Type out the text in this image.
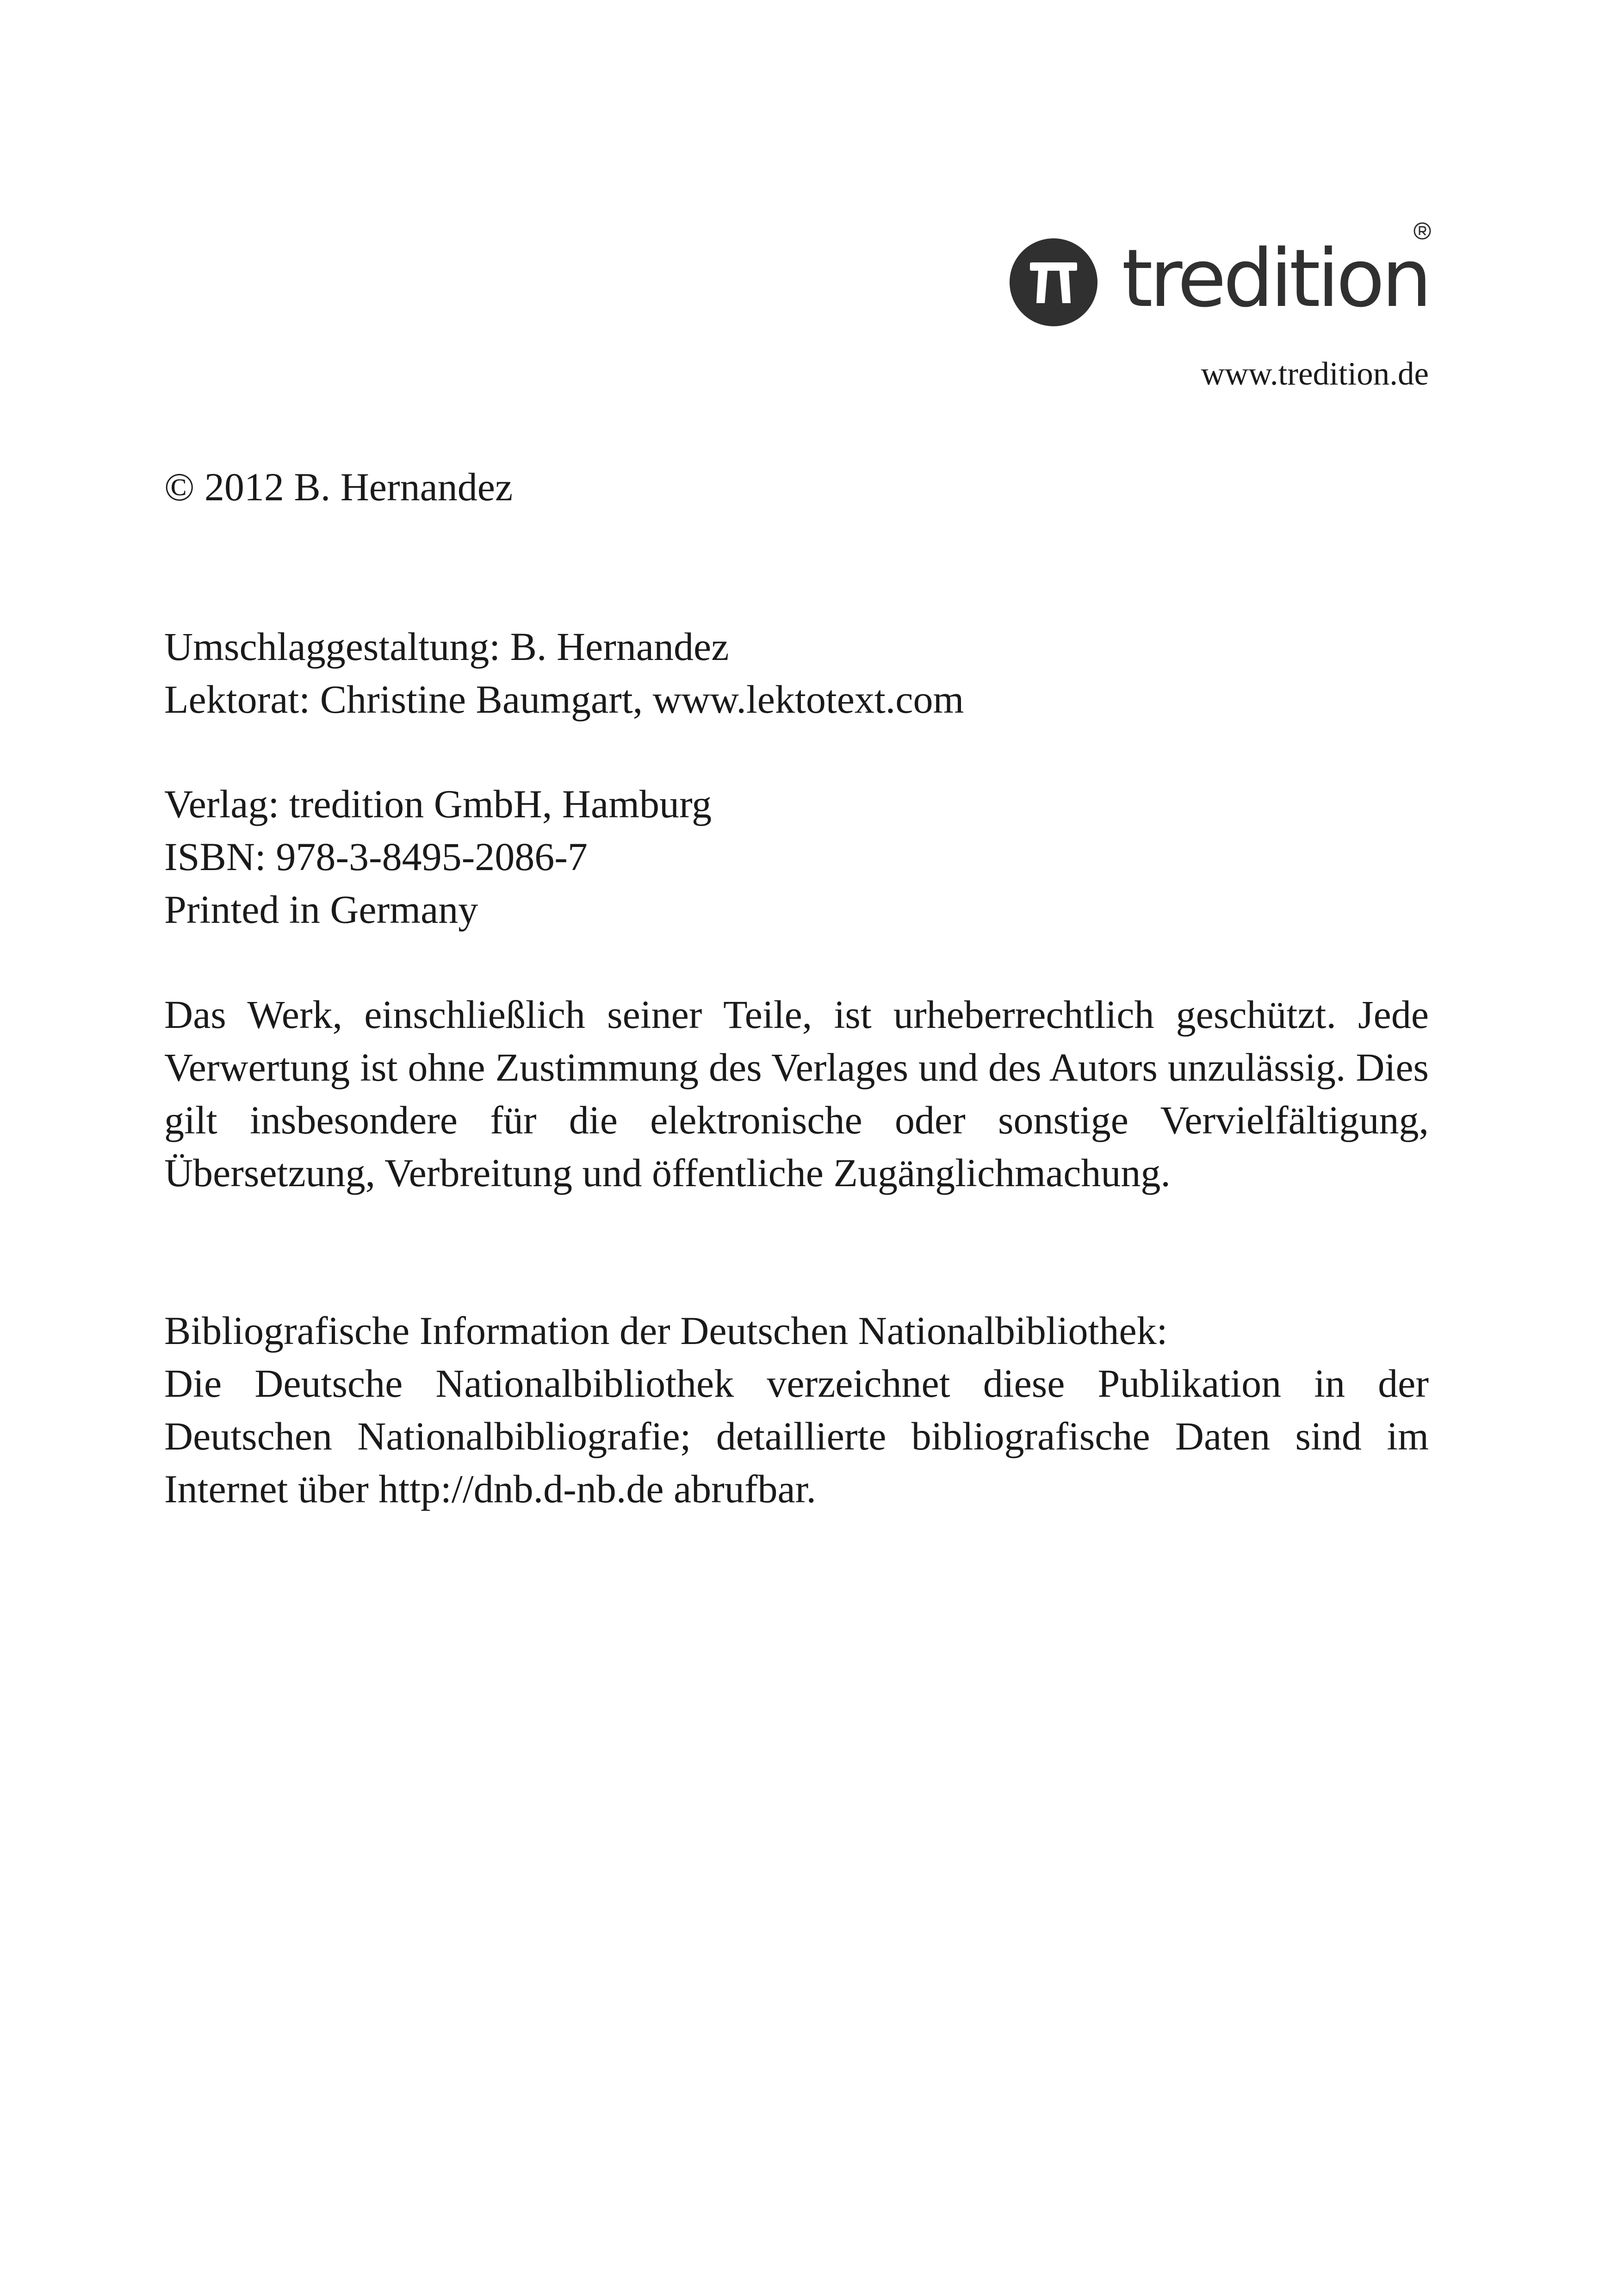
tredition
www.tredition.de
© 2012 B. Hernandez

Umschlaggestaltung: B. Hernandez

Lektorat: Christine Baumgart, www.lektotext.com

Verlag: tredition GmbH, Hamburg

ISBN: 978-3-8495-2086-7

Printed in Germany

Das Werk, einschließlich seiner Teile, ist urheberrechtlich geschützt. Jede Verwertung ist ohne Zustimmung des Verlages und des Autors unzulässig. Dies gilt insbesondere für die elektronische oder sonstige Vervielfältigung, Übersetzung, Verbreitung und öffentliche Zugänglichmachung.

Bibliografische Information der Deutschen Nationalbibliothek:

Die Deutsche Nationalbibliothek verzeichnet diese Publikation in der Deutschen Nationalbibliografie; detaillierte bibliografische Daten sind im Internet über http://dnb.d-nb.de abrufbar.
